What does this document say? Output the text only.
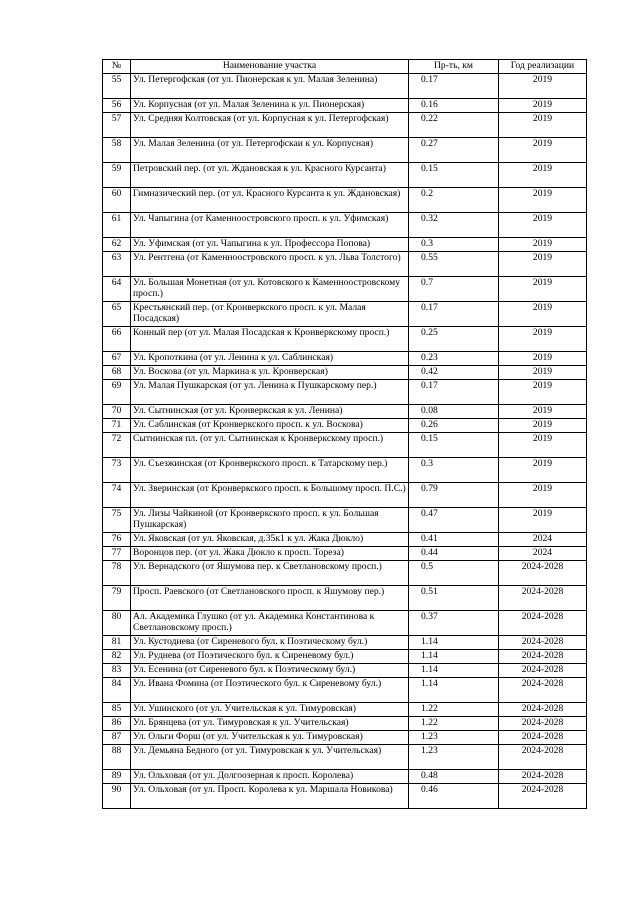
№	Наименование участка	Пр-ть, км	Год реализации
55	Ул. Петергофская (от ул. Пионерская к ул. Малая Зеленина)	0.17	2019
56	Ул. Корпусная (от ул. Малая Зеленина к ул. Пионерская)	0.16	2019
57	Ул. Средняя Колтовская (от ул. Корпусная к ул. Петергофская)	0.22	2019
58	Ул. Малая Зеленина (от ул. Петергофскаи к ул. Корпусная)	0.27	2019
59	Петровский пер. (от ул. Ждановская к ул. Красного Курсанта)	0.15	2019
60	Гимназический пер. (от ул. Красного Курсанта к ул. Ждановская)	0.2	2019
61	Ул. Чапыгина (от Каменноостровского просп. к ул. Уфимская)	0.32	2019
62	Ул. Уфимская (от ул. Чапыгина к ул. Профессора Попова)	0.3	2019
63	Ул. Рентгена (от Каменноостровского просп. к ул. Льва Толстого)	0.55	2019
64	Ул. Большая Монетная (от ул. Котовского к Каменноостровскому просп.)	0.7	2019
65	Крестьянский пер. (от Кронверкского просп. к ул. Малая Посадская)	0.17	2019
66	Конный пер (от ул. Малая Посадская к Кронверкскому просп.)	0.25	2019
67	Ул. Кропоткина (от ул. Ленина к ул. Саблинская)	0.23	2019
68	Ул. Воскова (от ул. Маркина к ул. Кронверская)	0.42	2019
69	Ул. Малая Пушкарская (от ул. Ленина к Пушкарскому пер.)	0.17	2019
70	Ул. Сытнинская (от ул. Кронверкская к ул. Ленина)	0.08	2019
71	Ул. Саблинская (от Кронверкского просп. к ул. Воскова)	0.26	2019
72	Сытнинская пл. (от ул. Сытнинская к Кронверкскому просп.)	0.15	2019
73	Ул. Съезжинская (от Кронверкского просп. к Татарскому пер.)	0.3	2019
74	Ул. Зверинская (от Кронверкского просп. к Большому просп. П.С.)	0.79	2019
75	Ул. Лизы Чайкиной (от Кронверкского просп. к ул. Большая Пушкарская)	0.47	2019
76	Ул. Яковская (от ул. Яковская, д.35к1 к ул. Жака Дюкло)	0.41	2024
77	Воронцов пер. (от ул. Жака Дюкло к просп. Тореза)	0.44	2024
78	Ул. Вернадского (от Яшумова пер. к Светлановскому просп.)	0.5	2024-2028
79	Просп. Раевского (от Светлановского просп. к Яшумову пер.)	0.51	2024-2028
80	Ал. Академика Глушко (от ул. Академика Константинова к Светлановскому просп.)	0.37	2024-2028
81	Ул. Кустодиева (от Сиреневого бул. к Поэтическому бул.)	1.14	2024-2028
82	Ул. Руднева (от Поэтического бул. к Сиреневому бул.)	1.14	2024-2028
83	Ул. Есенина (от Сиреневого бул. к Поэтическому бул.)	1.14	2024-2028
84	Ул. Ивана Фомина (от Поэтического бул. к Сиреневому бул.)	1.14	2024-2028
85	Ул. Ушинского (от ул. Учительская к ул. Тимуровская)	1.22	2024-2028
86	Ул. Брянцева (от ул. Тимуровская к ул. Учительская)	1.22	2024-2028
87	Ул. Ольги Форш (от ул. Учительская к ул. Тимуровская)	1.23	2024-2028
88	Ул. Демьяна Бедного (от ул. Тимуровская к ул. Учительская)	1.23	2024-2028
89	Ул. Ольховая (от ул. Долгоозерная к просп. Королева)	0.48	2024-2028
90	Ул. Ольховая (от ул. Просп. Королева к ул. Маршала Новикова)	0.46	2024-2028
